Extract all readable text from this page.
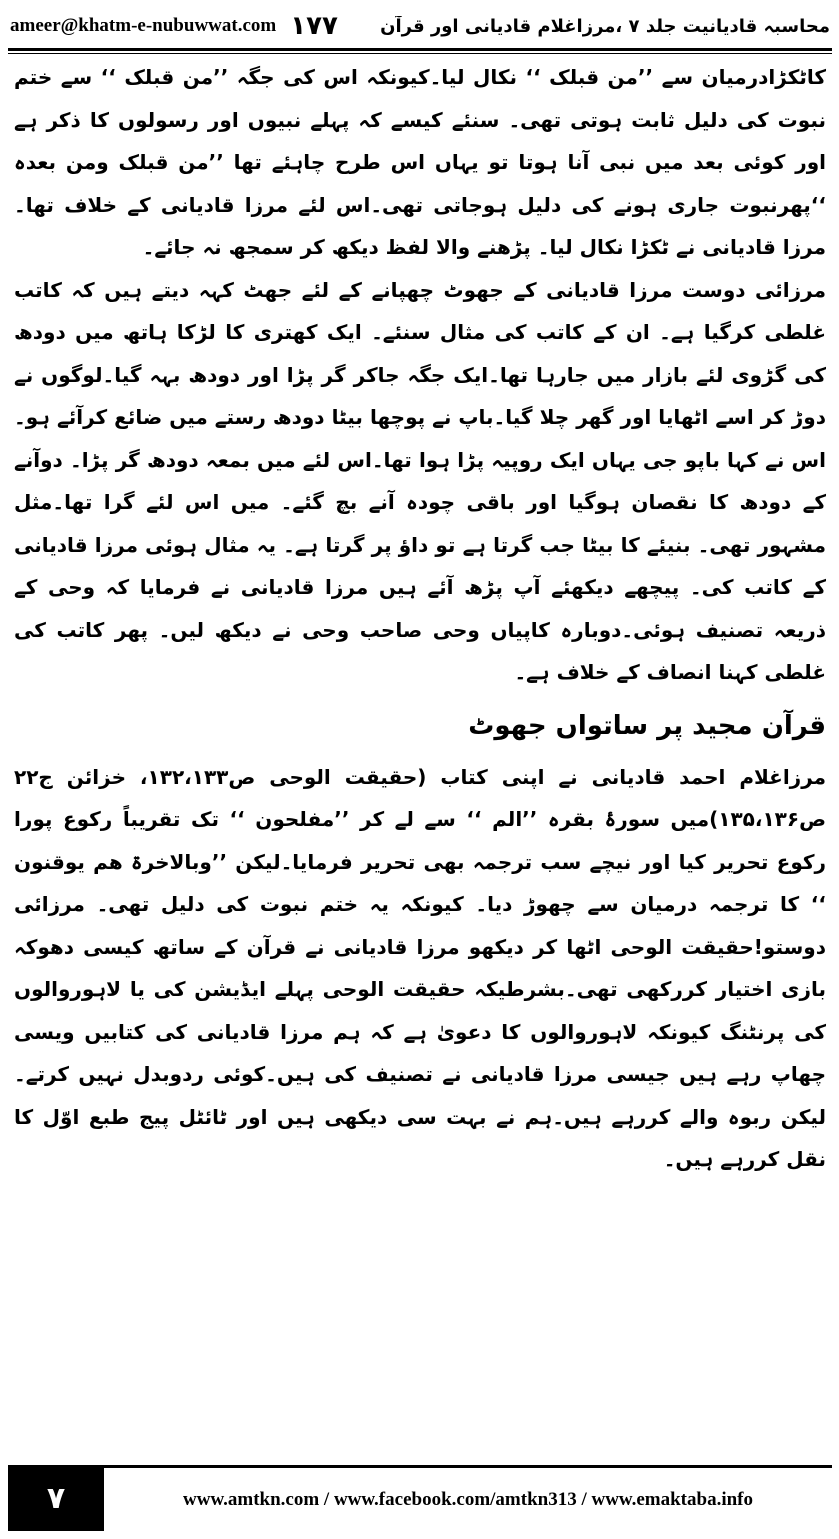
ameer@khatm-e-nubuwwat.com ۱۷۷	محاسبہ قادیانیت جلد ۷ ،مرزاغلام قادیانی اور قرآن

کاٹکڑادرمیان سے ’’من قبلک ‘‘ نکال لیا۔کیونکہ اس کی جگہ ’’من قبلک ‘‘ سے ختم نبوت کی دلیل ثابت ہوتی تھی۔ سنئے کیسے کہ پہلے نبیوں اور رسولوں کا ذکر ہے اور کوئی بعد میں نبی آنا ہوتا تو یہاں اس طرح چاہئے تھا ’’من قبلک ومن بعدہ ‘‘پھرنبوت جاری ہونے کی دلیل ہوجاتی تھی۔اس لئے مرزا قادیانی کے خلاف تھا۔مرزا قادیانی نے ٹکڑا نکال لیا۔ پڑھنے والا لفظ دیکھ کر سمجھ نہ جائے۔

مرزائی دوست مرزا قادیانی کے جھوٹ چھپانے کے لئے جھٹ کہہ دیتے ہیں کہ کاتب غلطی کرگیا ہے۔ ان کے کاتب کی مثال سنئے۔ ایک کھتری کا لڑکا ہاتھ میں دودھ کی گڑوی لئے بازار میں جارہا تھا۔ایک جگہ جاکر گر پڑا اور دودھ بہہ گیا۔لوگوں نے دوڑ کر اسے اٹھایا اور گھر چلا گیا۔باپ نے پوچھا بیٹا دودھ رستے میں ضائع کرآئے ہو۔اس نے کہا باپو جی یہاں ایک روپیہ پڑا ہوا تھا۔اس لئے میں بمعہ دودھ گر پڑا۔ دوآنے کے دودھ کا نقصان ہوگیا اور باقی چودہ آنے بچ گئے۔ میں اس لئے گرا تھا۔مثل مشہور تھی۔ بنیئے کا بیٹا جب گرتا ہے تو داؤ پر گرتا ہے۔ یہ مثال ہوئی مرزا قادیانی کے کاتب کی۔ پیچھے دیکھئے آپ پڑھ آئے ہیں مرزا قادیانی نے فرمایا کہ وحی کے ذریعہ تصنیف ہوئی۔دوبارہ کاپیاں وحی صاحب وحی نے دیکھ لیں۔ پھر کاتب کی غلطی کہنا انصاف کے خلاف ہے۔

قرآن مجید پر ساتواں جھوٹ

مرزاغلام احمد قادیانی نے اپنی کتاب (حقیقت الوحی ص۱۳۲،۱۳۳، خزائن ج۲۲ ص۱۳۵،۱۳۶)میں سورۂ بقرہ ’’الم ‘‘ سے لے کر ’’مفلحون ‘‘ تک تقریباً رکوع پورا رکوع تحریر کیا اور نیچے سب ترجمہ بھی تحریر فرمایا۔لیکن ’’وبالاخرۃ ھم یوقنون ‘‘ کا ترجمہ درمیان سے چھوڑ دیا۔ کیونکہ یہ ختم نبوت کی دلیل تھی۔ مرزائی دوستو!حقیقت الوحی اٹھا کر دیکھو مرزا قادیانی نے قرآن کے ساتھ کیسی دھوکہ بازی اختیار کررکھی تھی۔بشرطیکہ حقیقت الوحی پہلے ایڈیشن کی یا لاہوروالوں کی پرنٹنگ کیونکہ لاہوروالوں کا دعویٰ ہے کہ ہم مرزا قادیانی کی کتابیں ویسی چھاپ رہے ہیں جیسی مرزا قادیانی نے تصنیف کی ہیں۔کوئی ردوبدل نہیں کرتے۔لیکن ربوہ والے کررہے ہیں۔ہم نے بہت سی دیکھی ہیں اور ٹائٹل پیج طبع اوّل کا نقل کررہے ہیں۔

۷	www.amtkn.com / www.facebook.com/amtkn313 / www.emaktaba.info
